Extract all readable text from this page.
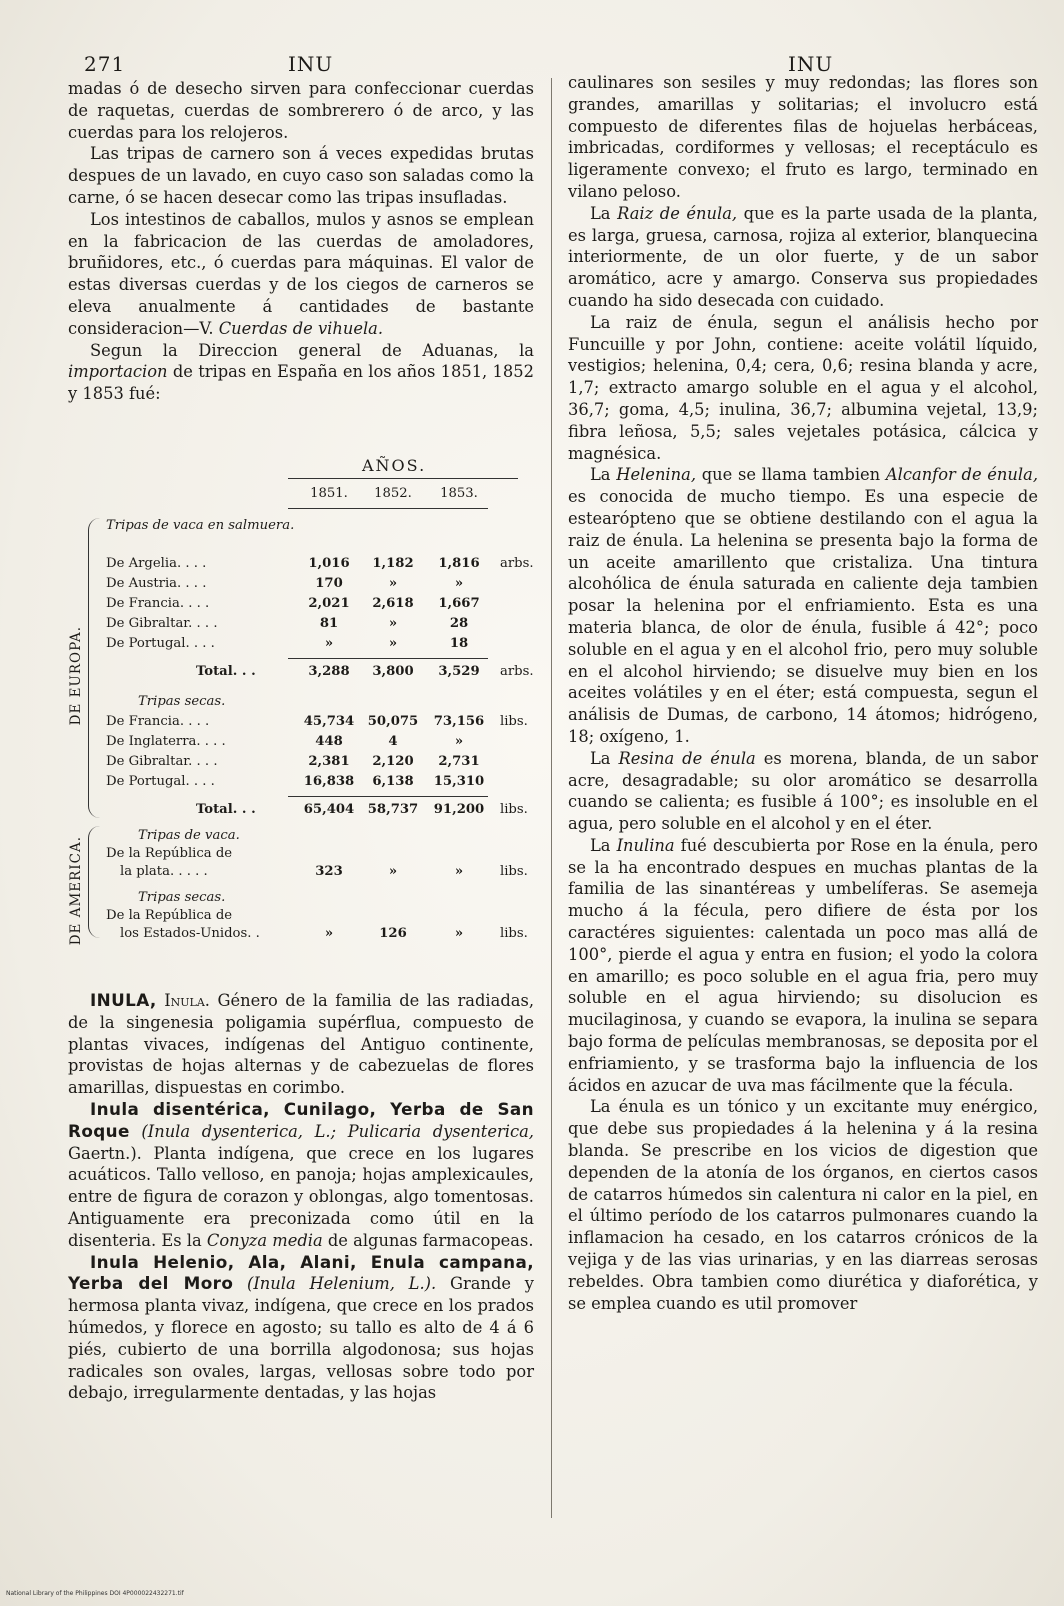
271	INU	INU

madas ó de desecho sirven para confeccionar cuerdas de raquetas, cuerdas de sombrerero ó de arco, y las cuerdas para los relojeros.

Las tripas de carnero son á veces expedidas brutas despues de un lavado, en cuyo caso son saladas como la carne, ó se hacen desecar como las tripas insufladas.

Los intestinos de caballos, mulos y asnos se emplean en la fabricacion de las cuerdas de amoladores, bruñidores, etc., ó cuerdas para máquinas. El valor de estas diversas cuerdas y de los ciegos de carneros se eleva anualmente á cantidades de bastante consideracion—V. Cuerdas de vihuela.

Segun la Direccion general de Aduanas, la importacion de tripas en España en los años 1851, 1852 y 1853 fué:

AÑOS.
1851.	1852.	1853.
DE EUROPA.
DE AMERICA.
Tripas de vaca en salmuera.
De Argelia. . . .	1,016	1,182	1,816	arbs.
De Austria. . . .	170	»	»
De Francia. . . .	2,021	2,618	1,667
De Gibraltar. . . .	81	»	28
De Portugal. . . .	»	»	18
Total. . .	3,288	3,800	3,529	arbs.
Tripas secas.
De Francia. . . .	45,734	50,075	73,156	libs.
De Inglaterra. . . .	448	4	»
De Gibraltar. . . .	2,381	2,120	2,731
De Portugal. . . .	16,838	6,138	15,310
Total. . .	65,404	58,737	91,200	libs.
Tripas de vaca.
De la República de
la plata. . . . .	323	»	»	libs.
Tripas secas.
De la República de
los Estados-Unidos. .	»	126	»	libs.

INULA, Inula. Género de la familia de las radiadas, de la singenesia poligamia supérflua, compuesto de plantas vivaces, indígenas del Antiguo continente, provistas de hojas alternas y de cabezuelas de flores amarillas, dispuestas en corimbo.

Inula disentérica, Cunilago, Yerba de San Roque (Inula dysenterica, L.; Pulicaria dysenterica, Gaertn.). Planta indígena, que crece en los lugares acuáticos. Tallo velloso, en panoja; hojas amplexicaules, entre de figura de corazon y oblongas, algo tomentosas. Antiguamente era preconizada como útil en la disenteria. Es la Conyza media de algunas farmacopeas.

Inula Helenio, Ala, Alani, Enula campana, Yerba del Moro (Inula Helenium, L.). Grande y hermosa planta vivaz, indígena, que crece en los prados húmedos, y florece en agosto; su tallo es alto de 4 á 6 piés, cubierto de una borrilla algodonosa; sus hojas radicales son ovales, largas, vellosas sobre todo por debajo, irregularmente dentadas, y las hojas

caulinares son sesiles y muy redondas; las flores son grandes, amarillas y solitarias; el involucro está compuesto de diferentes filas de hojuelas herbáceas, imbricadas, cordiformes y vellosas; el receptáculo es ligeramente convexo; el fruto es largo, terminado en vilano peloso.

La Raiz de énula, que es la parte usada de la planta, es larga, gruesa, carnosa, rojiza al exterior, blanquecina interiormente, de un olor fuerte, y de un sabor aromático, acre y amargo. Conserva sus propiedades cuando ha sido desecada con cuidado.

La raiz de énula, segun el análisis hecho por Funcuille y por John, contiene: aceite volátil líquido, vestigios; helenina, 0,4; cera, 0,6; resina blanda y acre, 1,7; extracto amargo soluble en el agua y el alcohol, 36,7; goma, 4,5; inulina, 36,7; albumina vejetal, 13,9; fibra leñosa, 5,5; sales vejetales potásica, cálcica y magnésica.

La Helenina, que se llama tambien Alcanfor de énula, es conocida de mucho tiempo. Es una especie de estearópteno que se obtiene destilando con el agua la raiz de énula. La helenina se presenta bajo la forma de un aceite amarillento que cristaliza. Una tintura alcohólica de énula saturada en caliente deja tambien posar la helenina por el enfriamiento. Esta es una materia blanca, de olor de énula, fusible á 42°; poco soluble en el agua y en el alcohol frio, pero muy soluble en el alcohol hirviendo; se disuelve muy bien en los aceites volátiles y en el éter; está compuesta, segun el análisis de Dumas, de carbono, 14 átomos; hidrógeno, 18; oxígeno, 1.

La Resina de énula es morena, blanda, de un sabor acre, desagradable; su olor aromático se desarrolla cuando se calienta; es fusible á 100°; es insoluble en el agua, pero soluble en el alcohol y en el éter.

La Inulina fué descubierta por Rose en la énula, pero se la ha encontrado despues en muchas plantas de la familia de las sinantéreas y umbelíferas. Se asemeja mucho á la fécula, pero difiere de ésta por los caractéres siguientes: calentada un poco mas allá de 100°, pierde el agua y entra en fusion; el yodo la colora en amarillo; es poco soluble en el agua fria, pero muy soluble en el agua hirviendo; su disolucion es mucilaginosa, y cuando se evapora, la inulina se separa bajo forma de películas membranosas, se deposita por el enfriamiento, y se trasforma bajo la influencia de los ácidos en azucar de uva mas fácilmente que la fécula.

La énula es un tónico y un excitante muy enérgico, que debe sus propiedades á la helenina y á la resina blanda. Se prescribe en los vicios de digestion que dependen de la atonía de los órganos, en ciertos casos de catarros húmedos sin calentura ni calor en la piel, en el último período de los catarros pulmonares cuando la inflamacion ha cesado, en los catarros crónicos de la vejiga y de las vias urinarias, y en las diarreas serosas rebeldes. Obra tambien como diurética y diaforética, y se emplea cuando es util promover

National Library of the Philippines DOI 4P000022432271.tif
